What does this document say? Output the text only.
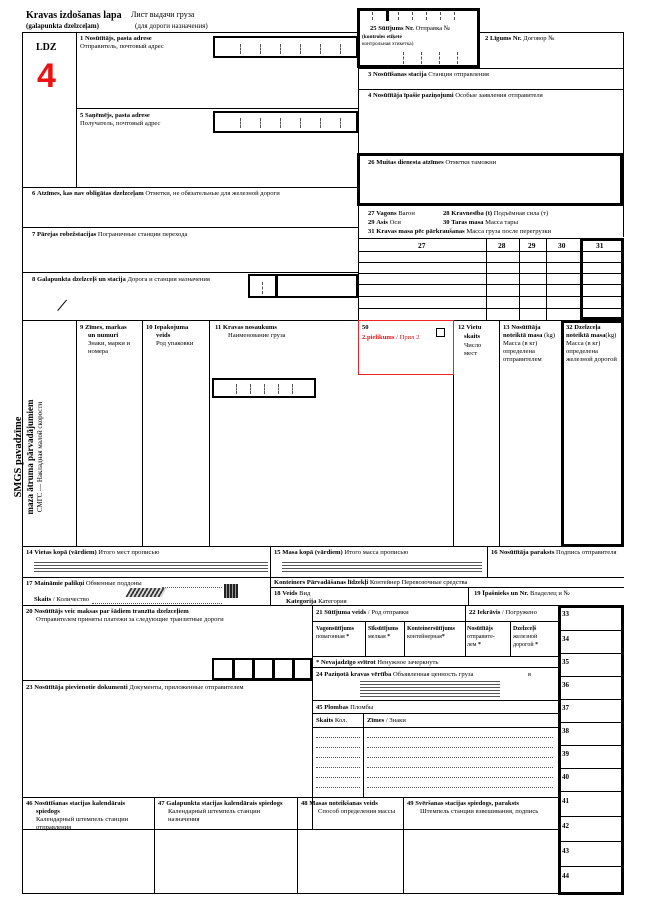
Kravas izdošanas lapa Лист выдачи груза
(galapunkta dzelzceļam)	(для дороги назначения)
LDZ
4
1 Nosūtītājs, pasta adrese
Отправитель, почтовый адрес
5 Saņēmējs, pasta adrese
Получатель, почтовый адрес
25 Sūtījums Nr. Отправка №
(kontroles etiķete
контрольная этикетка)
2 Līgums Nr. Договор №
3 Nosūtīšanas stacija Станция отправления
4 Nosūtītāja īpašie paziņojumi Особые заявления отправителя
26 Muitas dienesta atzīmes Отметки таможни
6 Atzīmes, kas nav obligātas dzelzceļam Отметки, не обязательные для железной дороги
27 Vagons Вагон	28 Kravnesība (t) Подъёмная сила (т)
29 Asis Оси	30 Taras masa Масса тары
31 Kravas masa pēc pārkraušanas Масса груза после перегрузки
7 Pārejas robežstacijas Пограничные станции перехода
27	28	29	30	31
8 Galapunkta dzelzceļš un stacija Дорога и станция назначения
SMGS pavadzīme maza ātruma pārvadājumiem СМГС — Накладная малой скорости
9 Zīmes, markas
un numuri
Знаки, марки и
номера
10 Iepakojuma
veids
Род упаковки
11 Kravas nosaukums
Наименование груза
50
2.pielikums / Прил 2
12 Vietu
skaits
Число
мест
13 Nosūtītāja
noteiktā masa (kg)
Масса (в кг)
определена
отправителем
32 Dzelzceļa
noteiktā masa(kg)
Масса (в кг)
определена
железной дорогой
14 Vietas kopā (vārdiem) Итого мест прописью	15 Masa kopā (vārdiem) Итого масса прописью	16 Nosūtītāja paraksts Подпись отправителя
17 Maināmie palikņi Обменные поддоны
Skaits / Количество
Konteiners Pārvadāšanas līdzekļi Контейнер Перевозочные средства
18 Veids Вид
Kategorija Категория
19 Īpašnieks un Nr. Владелец и №
20 Nosūtītājs veic maksas par šādiem tranzīta dzelzceļiem
Отправителем приняты платежи за следующие транзитные дороги
21 Sūtījuma veids / Род отправки	22 Iekrāvis / Погружено
Vagonsūtījums
повагонная *
Sīksūtījums
мелкая *
Konteinersūtījums
контейнерная*
Nosūtītājs
отправите-
лем *
Dzelzceļš
железной
дорогой *
* Nevajadzīgo svītrot Ненужное зачеркнуть
23 Nosūtītāja pievienotie dokumenti Документы, приложенные отправителем
24 Paziņotā kravas vērtība Объявленная ценность груза	в
45 Plombas Пломбы
Skaits Кол.	Zīmes / Знаки
33
34
35
36
37
38
39
40
41
42
43
44
46 Nosūtīšanas stacijas kalendārais
spiedogs
Календарный штемпель станции
отправления
47 Galapunkta stacijas kalendārais spiedogs
Календарный штемпель станции
назначения
48 Masas noteikšanas veids
Способ определения массы
49 Svēršanas stacijas spiedogs, paraksts
Штемпель станции взвешивания, подпись
